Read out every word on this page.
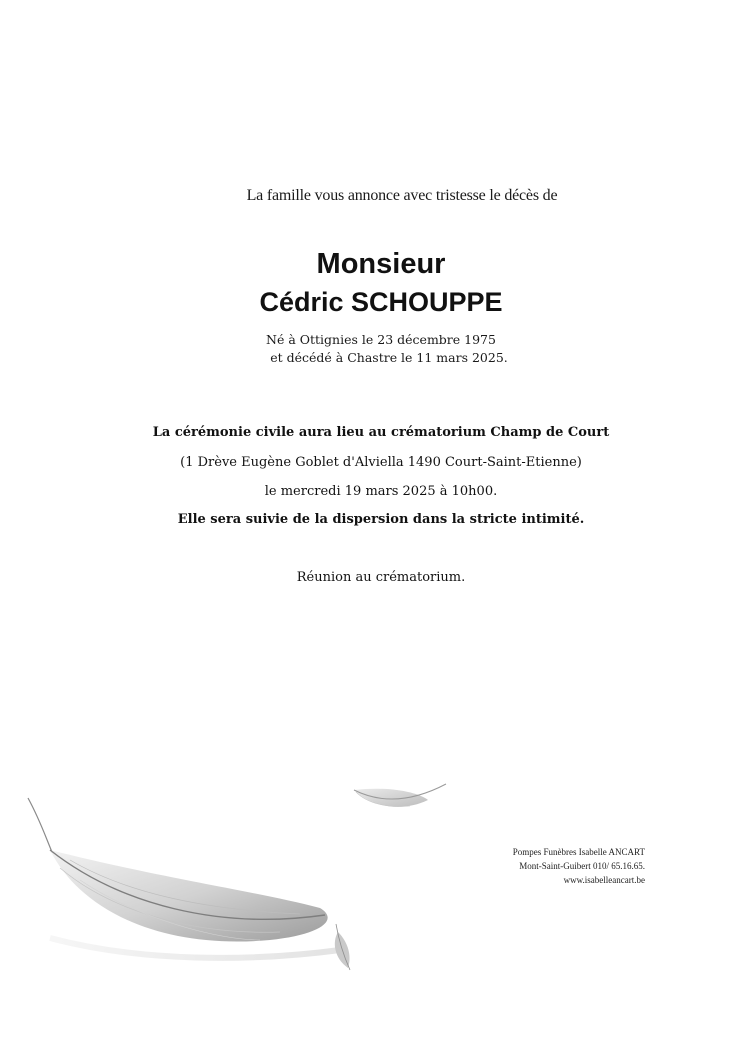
La famille vous annonce avec tristesse le décès de
Monsieur
Cédric SCHOUPPE
Né à Ottignies le 23 décembre 1975
et décédé à Chastre le 11 mars 2025.
La cérémonie civile aura lieu au crématorium Champ de Court
(1 Drève Eugène Goblet d'Alviella 1490 Court-Saint-Etienne)
le mercredi 19 mars 2025 à 10h00.
Elle sera suivie de la dispersion dans la stricte intimité.
Réunion au crématorium.
Pompes Funèbres Isabelle ANCART
Mont-Saint-Guibert 010/ 65.16.65.
www.isabelleancart.be
